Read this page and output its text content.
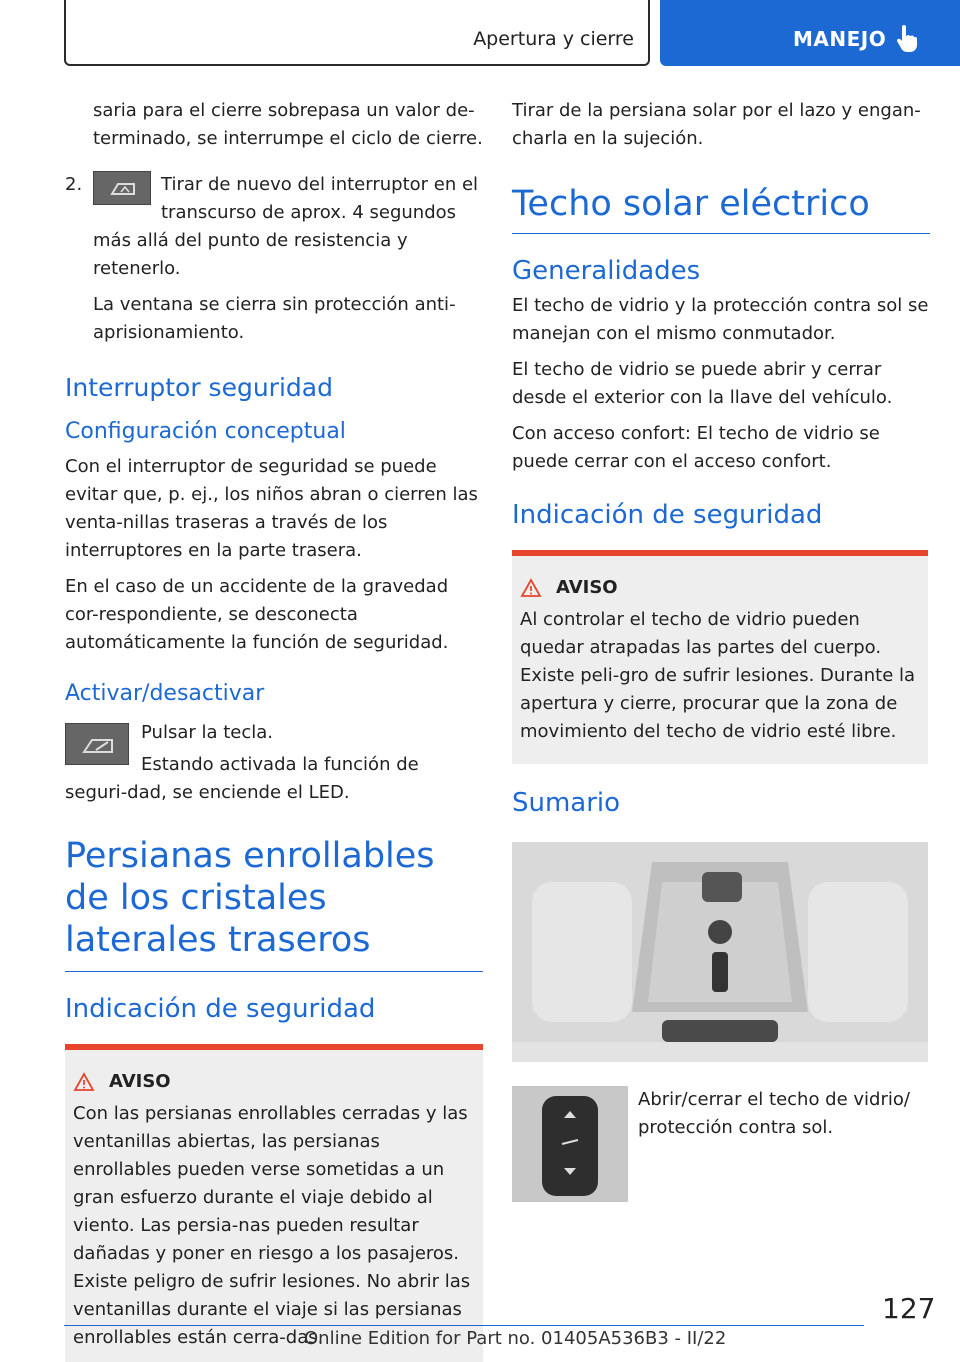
Apertura y cierre	MANEJO

saria para el cierre sobrepasa un valor de-terminado, se interrumpe el ciclo de cierre.

2.	Tirar de nuevo del interruptor en el transcurso de aprox. 4 segundos más allá del punto de resistencia y retenerlo.

La ventana se cierra sin protección anti-aprisionamiento.

Interruptor seguridad
Configuración conceptual

Con el interruptor de seguridad se puede evitar que, p. ej., los niños abran o cierren las venta-nillas traseras a través de los interruptores en la parte trasera.

En el caso de un accidente de la gravedad cor-respondiente, se desconecta automáticamente la función de seguridad.

Activar/desactivar

Pulsar la tecla.

Estando activada la función de seguri-dad, se enciende el LED.

Persianas enrollables de los cristales laterales traseros
Indicación de seguridad
AVISO

Con las persianas enrollables cerradas y las ventanillas abiertas, las persianas enrollables pueden verse sometidas a un gran esfuerzo durante el viaje debido al viento. Las persia-nas pueden resultar dañadas y poner en riesgo a los pasajeros. Existe peligro de sufrir lesiones. No abrir las ventanillas durante el viaje si las persianas enrollables están cerra-das.

Tirar de la persiana solar por el lazo y engan-charla en la sujeción.

Techo solar eléctrico
Generalidades

El techo de vidrio y la protección contra sol se manejan con el mismo conmutador.

El techo de vidrio se puede abrir y cerrar desde el exterior con la llave del vehículo.

Con acceso confort: El techo de vidrio se puede cerrar con el acceso confort.

Indicación de seguridad
AVISO

Al controlar el techo de vidrio pueden quedar atrapadas las partes del cuerpo. Existe peli-gro de sufrir lesiones. Durante la apertura y cierre, procurar que la zona de movimiento del techo de vidrio esté libre.

Sumario

Abrir/cerrar el techo de vidrio/ protección contra sol.

127
Online Edition for Part no. 01405A536B3 - II/22
